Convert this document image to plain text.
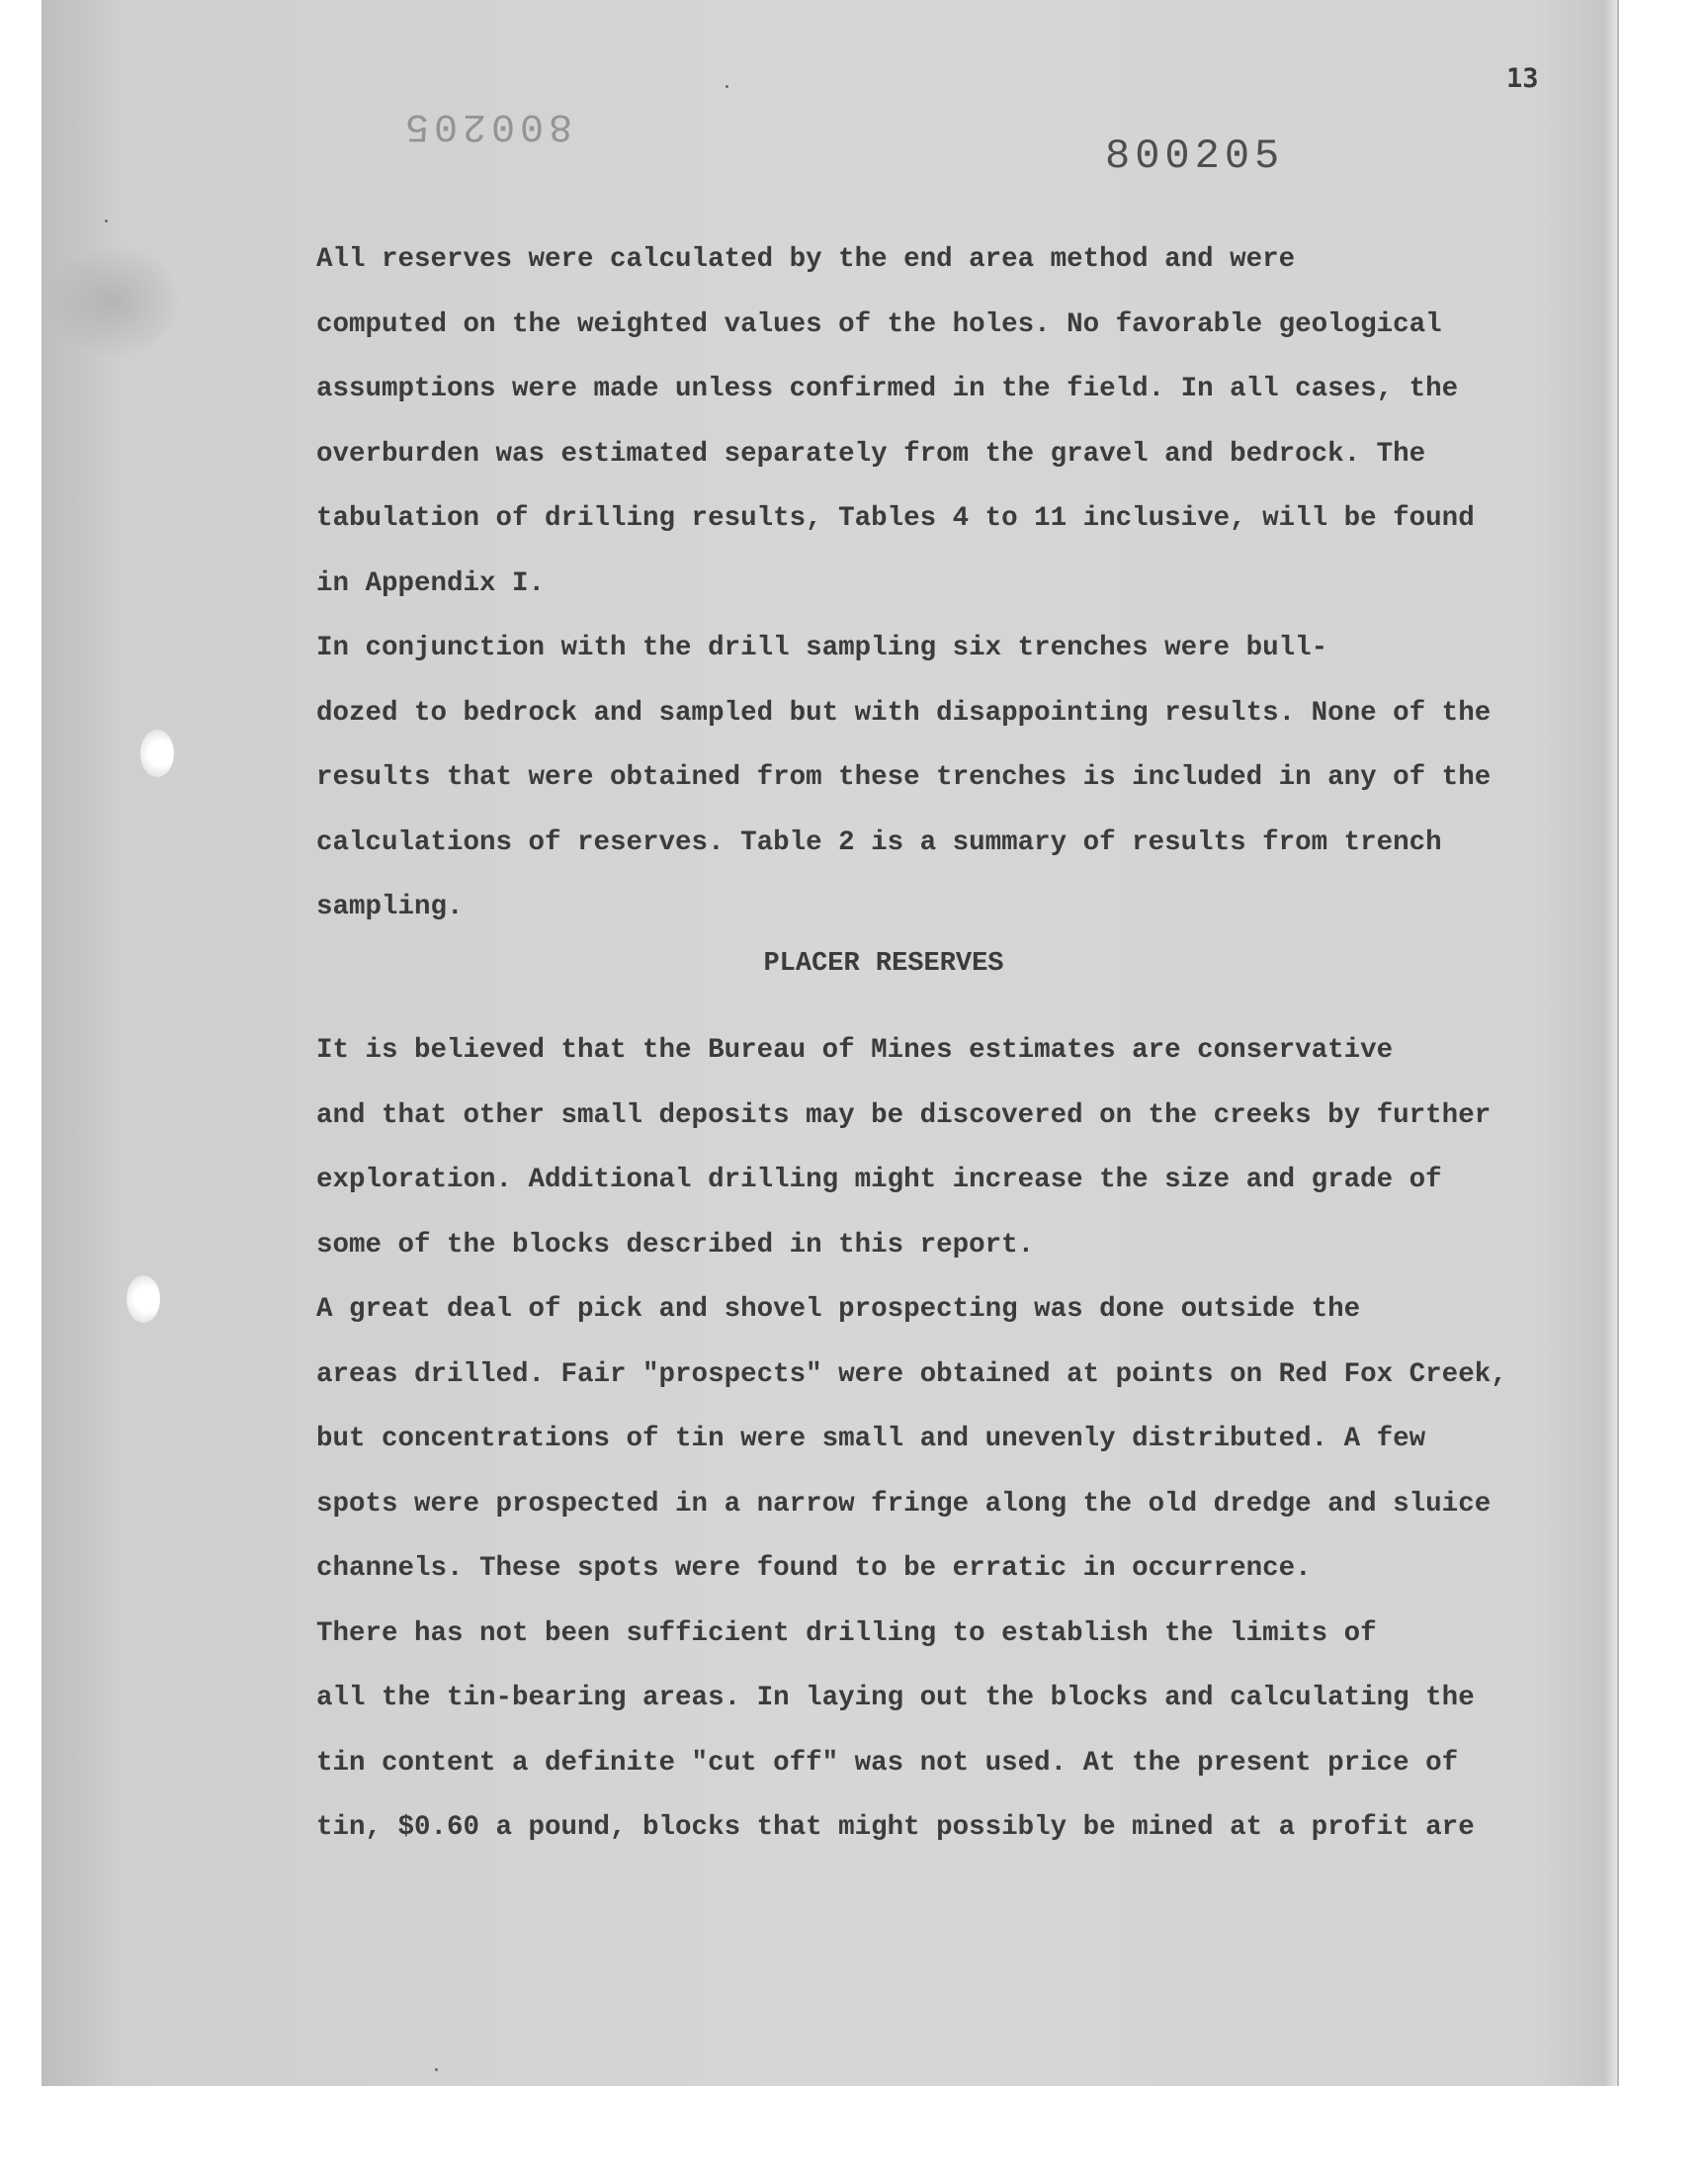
13
800205
800205
All reserves were calculated by the end area method and were
computed on the weighted values of the holes. No favorable geological
assumptions were made unless confirmed in the field. In all cases, the
overburden was estimated separately from the gravel and bedrock. The
tabulation of drilling results, Tables 4 to 11 inclusive, will be found
in Appendix I.
In conjunction with the drill sampling six trenches were bull-
dozed to bedrock and sampled but with disappointing results. None of the
results that were obtained from these trenches is included in any of the
calculations of reserves. Table 2 is a summary of results from trench
sampling.
PLACER RESERVES
It is believed that the Bureau of Mines estimates are conservative
and that other small deposits may be discovered on the creeks by further
exploration. Additional drilling might increase the size and grade of
some of the blocks described in this report.
A great deal of pick and shovel prospecting was done outside the
areas drilled. Fair "prospects" were obtained at points on Red Fox Creek,
but concentrations of tin were small and unevenly distributed. A few
spots were prospected in a narrow fringe along the old dredge and sluice
channels. These spots were found to be erratic in occurrence.
There has not been sufficient drilling to establish the limits of
all the tin-bearing areas. In laying out the blocks and calculating the
tin content a definite "cut off" was not used. At the present price of
tin, $0.60 a pound, blocks that might possibly be mined at a profit are
